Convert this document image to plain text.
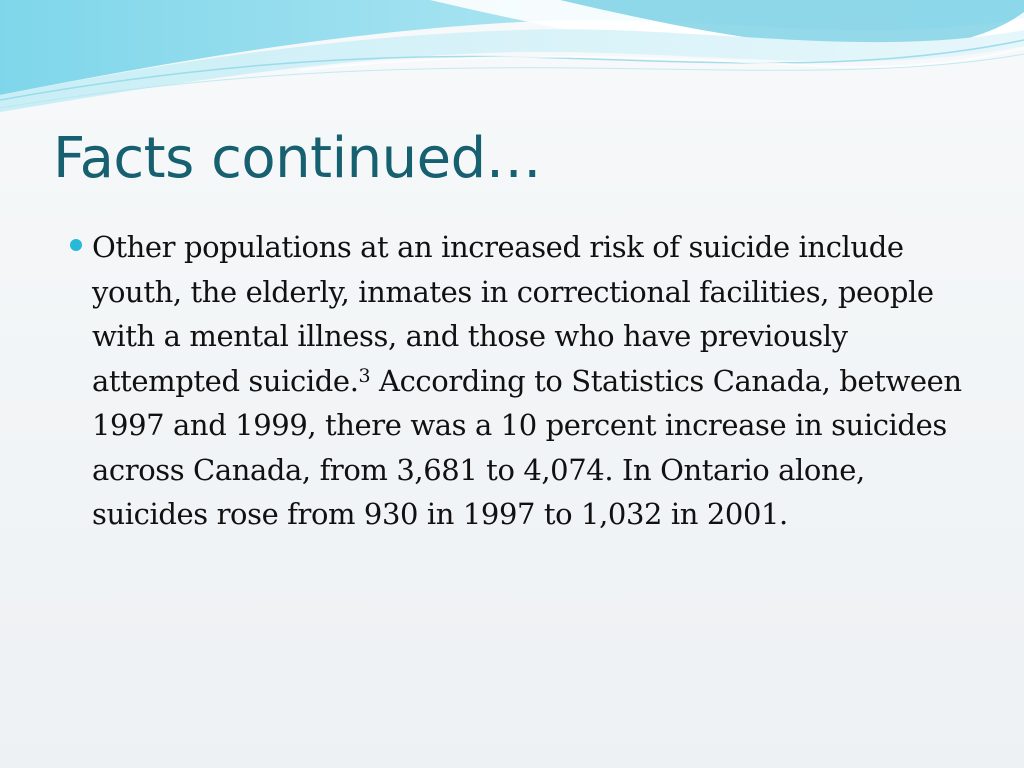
Facts continued…

Other populations at an increased risk of suicide include youth, the elderly, inmates in correctional facilities, people with a mental illness, and those who have previously attempted suicide.$^3$ According to Statistics Canada, between 1997 and 1999, there was a 10 percent increase in suicides across Canada, from 3,681 to 4,074. In Ontario alone, suicides rose from 930 in 1997 to 1,032 in 2001.
